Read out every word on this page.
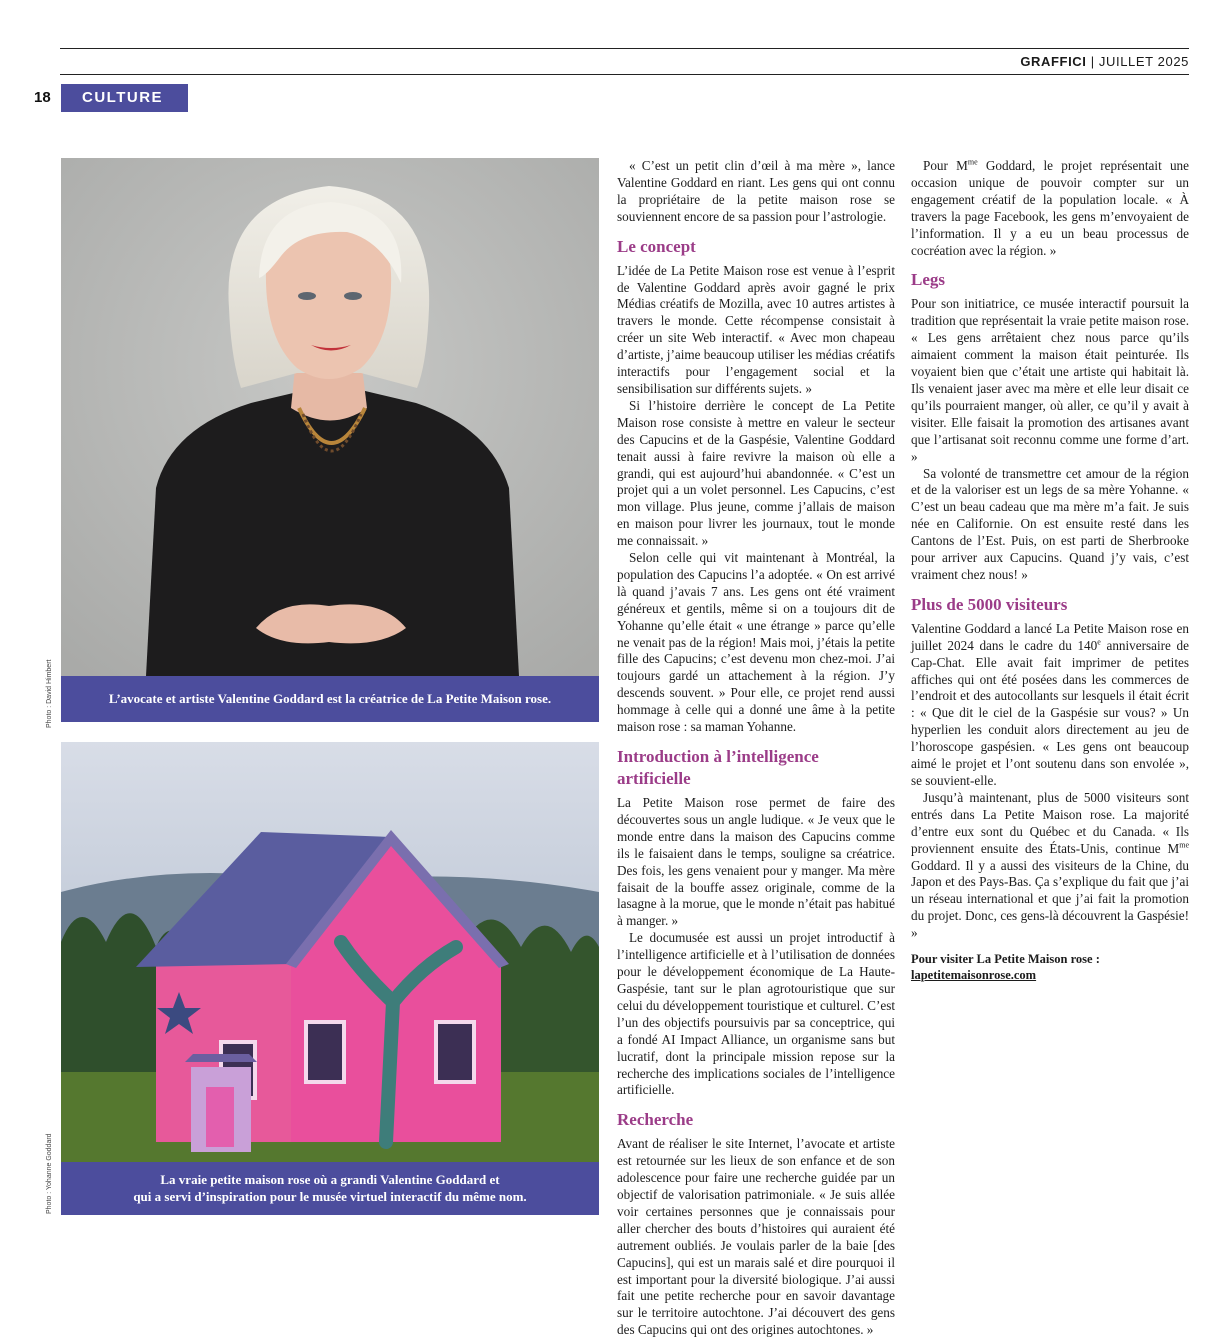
GRAFFICI | JUILLET 2025
18	CULTURE
L’avocate et artiste Valentine Goddard est la créatrice de La Petite Maison rose.
Photo : David Himbert
La vraie petite maison rose où a grandi Valentine Goddard et
qui a servi d’inspiration pour le musée virtuel interactif du même nom.
Photo : Yohanne Goddard

« C’est un petit clin d’œil à ma mère », lance Valentine Goddard en riant. Les gens qui ont connu la propriétaire de la petite maison rose se souviennent encore de sa passion pour l’astrologie.

Le concept

L’idée de La Petite Maison rose est venue à l’esprit de Valentine Goddard après avoir gagné le prix Médias créatifs de Mozilla, avec 10 autres artistes à travers le monde. Cette récompense consistait à créer un site Web interactif. « Avec mon chapeau d’artiste, j’aime beaucoup utiliser les médias créatifs interactifs pour l’engagement social et la sensibilisation sur différents sujets. »

Si l’histoire derrière le concept de La Petite Maison rose consiste à mettre en valeur le secteur des Capucins et de la Gaspésie, Valentine Goddard tenait aussi à faire revivre la maison où elle a grandi, qui est aujourd’hui abandonnée. « C’est un projet qui a un volet personnel. Les Capucins, c’est mon village. Plus jeune, comme j’allais de maison en maison pour livrer les journaux, tout le monde me connaissait. »

Selon celle qui vit maintenant à Montréal, la population des Capucins l’a adoptée. « On est arrivé là quand j’avais 7 ans. Les gens ont été vraiment généreux et gentils, même si on a toujours dit de Yohanne qu’elle était « une étrange » parce qu’elle ne venait pas de la région! Mais moi, j’étais la petite fille des Capucins; c’est devenu mon chez-moi. J’ai toujours gardé un attachement à la région. J’y descends souvent. » Pour elle, ce projet rend aussi hommage à celle qui a donné une âme à la petite maison rose : sa maman Yohanne.

Introduction à l’intelligence artificielle

La Petite Maison rose permet de faire des découvertes sous un angle ludique. « Je veux que le monde entre dans la maison des Capucins comme ils le faisaient dans le temps, souligne sa créatrice. Des fois, les gens venaient pour y manger. Ma mère faisait de la bouffe assez originale, comme de la lasagne à la morue, que le monde n’était pas habitué à manger. »

Le documusée est aussi un projet introductif à l’intelligence artificielle et à l’utilisation de données pour le développement économique de La Haute-Gaspésie, tant sur le plan agrotouristique que sur celui du développement touristique et culturel. C’est l’un des objectifs poursuivis par sa conceptrice, qui a fondé AI Impact Alliance, un organisme sans but lucratif, dont la principale mission repose sur la recherche des implications sociales de l’intelligence artificielle.

Recherche

Avant de réaliser le site Internet, l’avocate et artiste est retournée sur les lieux de son enfance et de son adolescence pour faire une recherche guidée par un objectif de valorisation patrimoniale. « Je suis allée voir certaines personnes que je connaissais pour aller chercher des bouts d’histoires qui auraient été autrement oubliés. Je voulais parler de la baie [des Capucins], qui est un marais salé et dire pourquoi il est important pour la diversité biologique. J’ai aussi fait une petite recherche pour en savoir davantage sur le territoire autochtone. J’ai découvert des gens des Capucins qui ont des origines autochtones. »

Pour $M^{me}$ Goddard, le projet représentait une occasion unique de pouvoir compter sur un engagement créatif de la population locale. « À travers la page Facebook, les gens m’envoyaient de l’information. Il y a eu un beau processus de cocréation avec la région. »

Legs

Pour son initiatrice, ce musée interactif poursuit la tradition que représentait la vraie petite maison rose. « Les gens arrêtaient chez nous parce qu’ils aimaient comment la maison était peinturée. Ils voyaient bien que c’était une artiste qui habitait là. Ils venaient jaser avec ma mère et elle leur disait ce qu’ils pourraient manger, où aller, ce qu’il y avait à visiter. Elle faisait la promotion des artisanes avant que l’artisanat soit reconnu comme une forme d’art. »

Sa volonté de transmettre cet amour de la région et de la valoriser est un legs de sa mère Yohanne. « C’est un beau cadeau que ma mère m’a fait. Je suis née en Californie. On est ensuite resté dans les Cantons de l’Est. Puis, on est parti de Sherbrooke pour arriver aux Capucins. Quand j’y vais, c’est vraiment chez nous! »

Plus de 5000 visiteurs

Valentine Goddard a lancé La Petite Maison rose en juillet 2024 dans le cadre du 140e anniversaire de Cap-Chat. Elle avait fait imprimer de petites affiches qui ont été posées dans les commerces de l’endroit et des autocollants sur lesquels il était écrit : « Que dit le ciel de la Gaspésie sur vous? » Un hyperlien les conduit alors directement au jeu de l’horoscope gaspésien. « Les gens ont beaucoup aimé le projet et l’ont soutenu dans son envolée », se souvient-elle.

Jusqu’à maintenant, plus de 5000 visiteurs sont entrés dans La Petite Maison rose. La majorité d’entre eux sont du Québec et du Canada. « Ils proviennent ensuite des États-Unis, continue $M^{me}$ Goddard. Il y a aussi des visiteurs de la Chine, du Japon et des Pays-Bas. Ça s’explique du fait que j’ai un réseau international et que j’ai fait la promotion du projet. Donc, ces gens-là découvrent la Gaspésie! »

Pour visiter La Petite Maison rose :
lapetitemaisonrose.com
